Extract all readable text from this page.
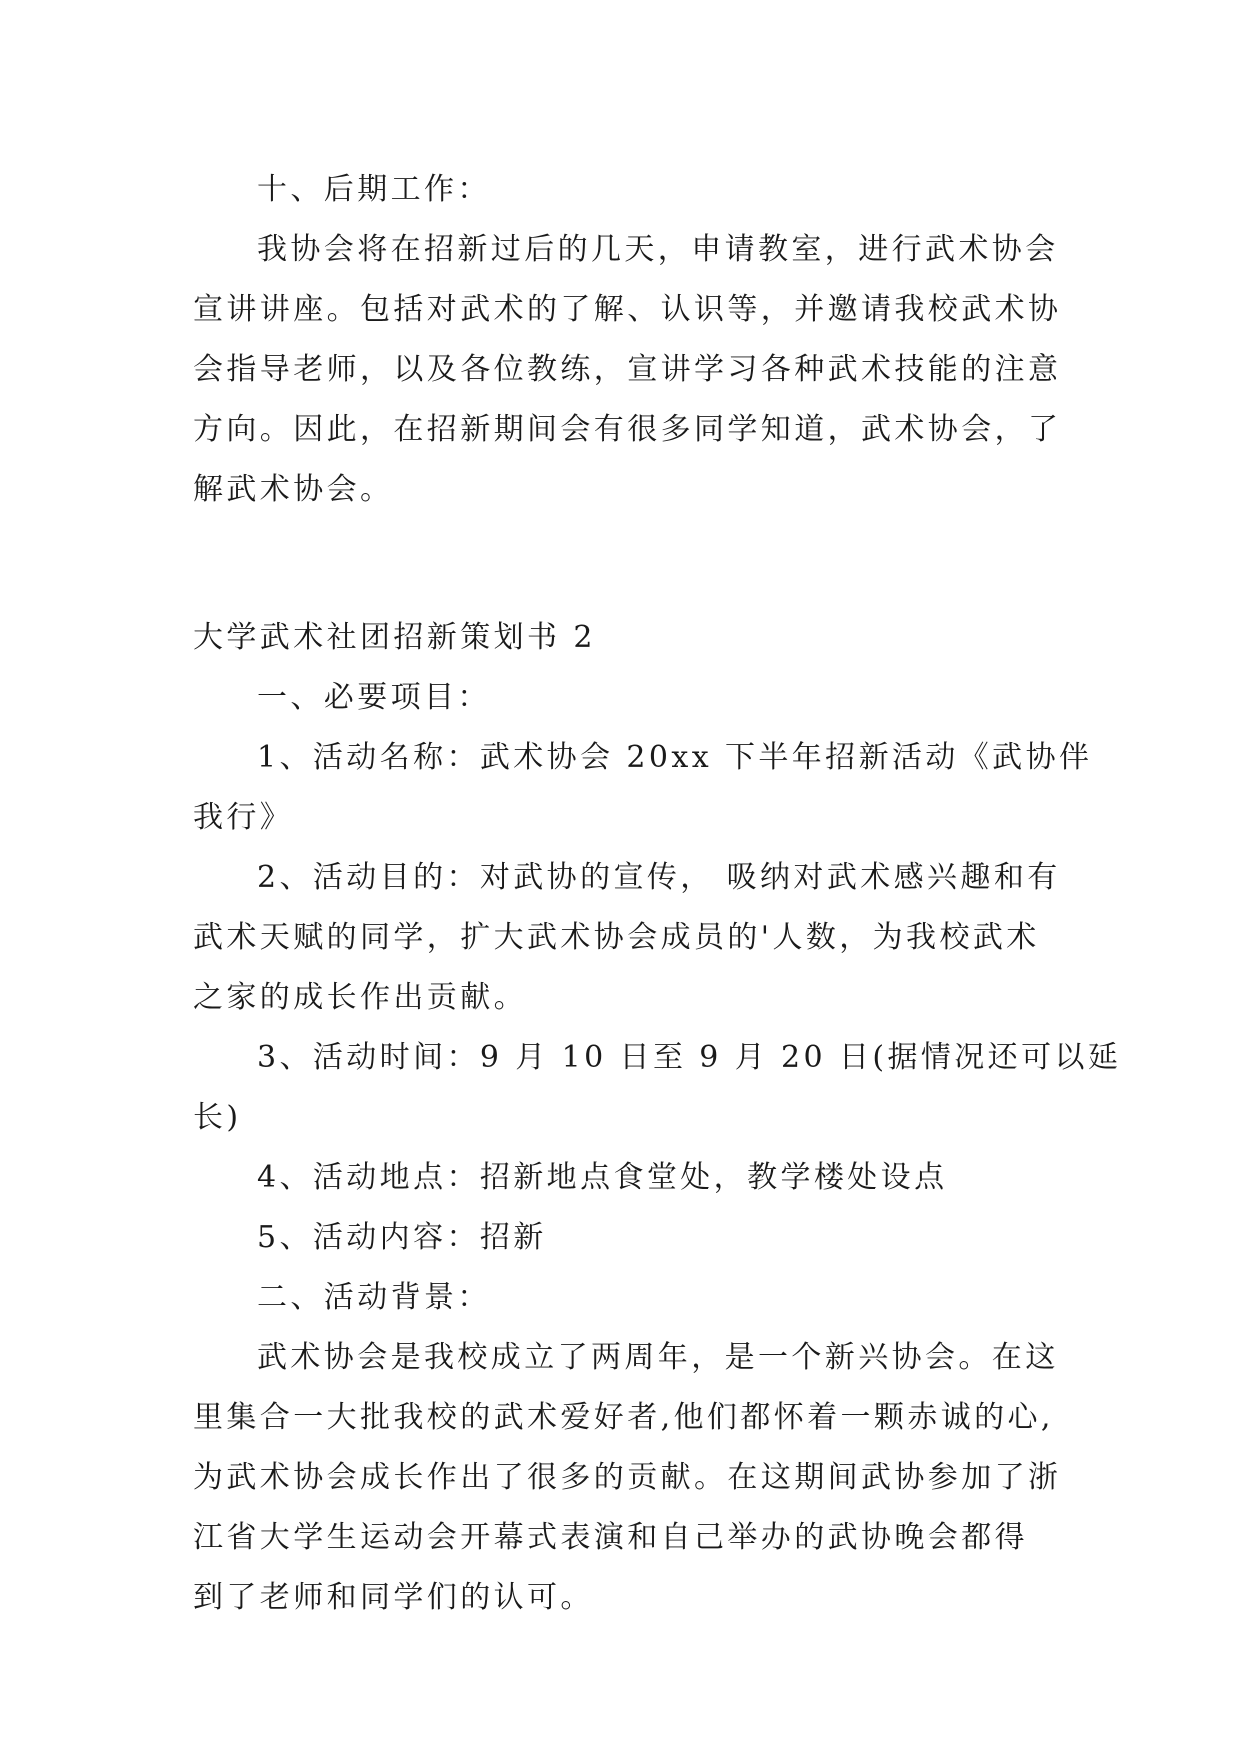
十、后期工作：

我协会将在招新过后的几天，申请教室，进行武术协会

宣讲讲座。包括对武术的了解、认识等，并邀请我校武术协

会指导老师，以及各位教练，宣讲学习各种武术技能的注意

方向。因此，在招新期间会有很多同学知道，武术协会，了

解武术协会。

大学武术社团招新策划书 2

一、必要项目：

1、活动名称：武术协会 20xx 下半年招新活动《武协伴

我行》

2、活动目的：对武协的宣传， 吸纳对武术感兴趣和有

武术天赋的同学，扩大武术协会成员的'人数，为我校武术

之家的成长作出贡献。

3、活动时间：9 月 10 日至 9 月 20 日(据情况还可以延

长)

4、活动地点：招新地点食堂处，教学楼处设点

5、活动内容：招新

二、活动背景：

武术协会是我校成立了两周年，是一个新兴协会。在这

里集合一大批我校的武术爱好者,他们都怀着一颗赤诚的心,

为武术协会成长作出了很多的贡献。在这期间武协参加了浙

江省大学生运动会开幕式表演和自己举办的武协晚会都得

到了老师和同学们的认可。
